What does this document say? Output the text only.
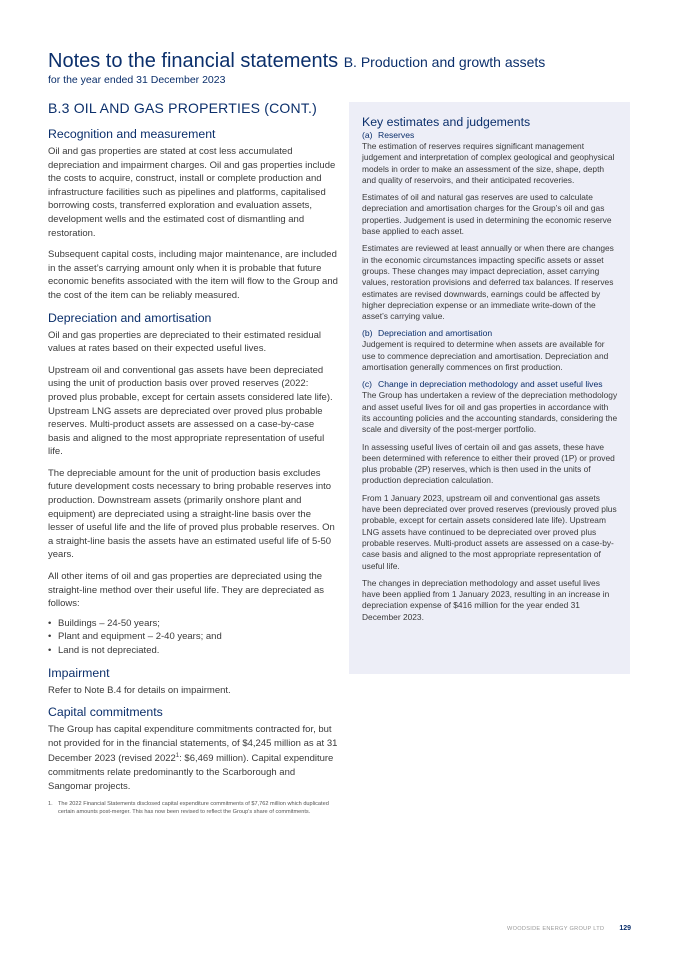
Notes to the financial statements B. Production and growth assets
for the year ended 31 December 2023
B.3 OIL AND GAS PROPERTIES (CONT.)
Recognition and measurement

Oil and gas properties are stated at cost less accumulated depreciation and impairment charges. Oil and gas properties include the costs to acquire, construct, install or complete production and infrastructure facilities such as pipelines and platforms, capitalised borrowing costs, transferred exploration and evaluation assets, development wells and the estimated cost of dismantling and restoration.

Subsequent capital costs, including major maintenance, are included in the asset’s carrying amount only when it is probable that future economic benefits associated with the item will flow to the Group and the cost of the item can be reliably measured.

Depreciation and amortisation

Oil and gas properties are depreciated to their estimated residual values at rates based on their expected useful lives.

Upstream oil and conventional gas assets have been depreciated using the unit of production basis over proved reserves (2022: proved plus probable, except for certain assets considered late life). Upstream LNG assets are depreciated over proved plus probable reserves. Multi-product assets are assessed on a case-by-case basis and aligned to the most appropriate representation of useful life.

The depreciable amount for the unit of production basis excludes future development costs necessary to bring probable reserves into production. Downstream assets (primarily onshore plant and equipment) are depreciated using a straight-line basis over the lesser of useful life and the life of proved plus probable reserves. On a straight-line basis the assets have an estimated useful life of 5-50 years.

All other items of oil and gas properties are depreciated using the straight-line method over their useful life. They are depreciated as follows:

• Buildings – 24-50 years;
• Plant and equipment – 2-40 years; and
• Land is not depreciated.
Impairment

Refer to Note B.4 for details on impairment.

Capital commitments

The Group has capital expenditure commitments contracted for, but not provided for in the financial statements, of $4,245 million as at 31 December 2023 (revised 2022$^1$: $6,469 million). Capital expenditure commitments relate predominantly to the Scarborough and Sangomar projects.

1. The 2022 Financial Statements disclosed capital expenditure commitments of $7,762 million which duplicated certain amounts post-merger. This has now been revised to reflect the Group’s share of commitments.
Key estimates and judgements
(a) Reserves

The estimation of reserves requires significant management judgement and interpretation of complex geological and geophysical models in order to make an assessment of the size, shape, depth and quality of reservoirs, and their anticipated recoveries.

Estimates of oil and natural gas reserves are used to calculate depreciation and amortisation charges for the Group’s oil and gas properties. Judgement is used in determining the economic reserve base applied to each asset.

Estimates are reviewed at least annually or when there are changes in the economic circumstances impacting specific assets or asset groups. These changes may impact depreciation, asset carrying values, restoration provisions and deferred tax balances. If reserves estimates are revised downwards, earnings could be affected by higher depreciation expense or an immediate write-down of the asset’s carrying value.

(b) Depreciation and amortisation

Judgement is required to determine when assets are available for use to commence depreciation and amortisation. Depreciation and amortisation generally commences on first production.

(c) Change in depreciation methodology and asset useful lives

The Group has undertaken a review of the depreciation methodology and asset useful lives for oil and gas properties in accordance with its accounting policies and the accounting standards, considering the scale and diversity of the post-merger portfolio.

In assessing useful lives of certain oil and gas assets, these have been determined with reference to either their proved (1P) or proved plus probable (2P) reserves, which is then used in the units of production depreciation calculation.

From 1 January 2023, upstream oil and conventional gas assets have been depreciated over proved reserves (previously proved plus probable, except for certain assets considered late life). Upstream LNG assets have continued to be depreciated over proved plus probable reserves. Multi-product assets are assessed on a case-by-case basis and aligned to the most appropriate representation of useful life.

The changes in depreciation methodology and asset useful lives have been applied from 1 January 2023, resulting in an increase in depreciation expense of $416 million for the year ended 31 December 2023.

WOODSIDE ENERGY GROUP LTD 129
